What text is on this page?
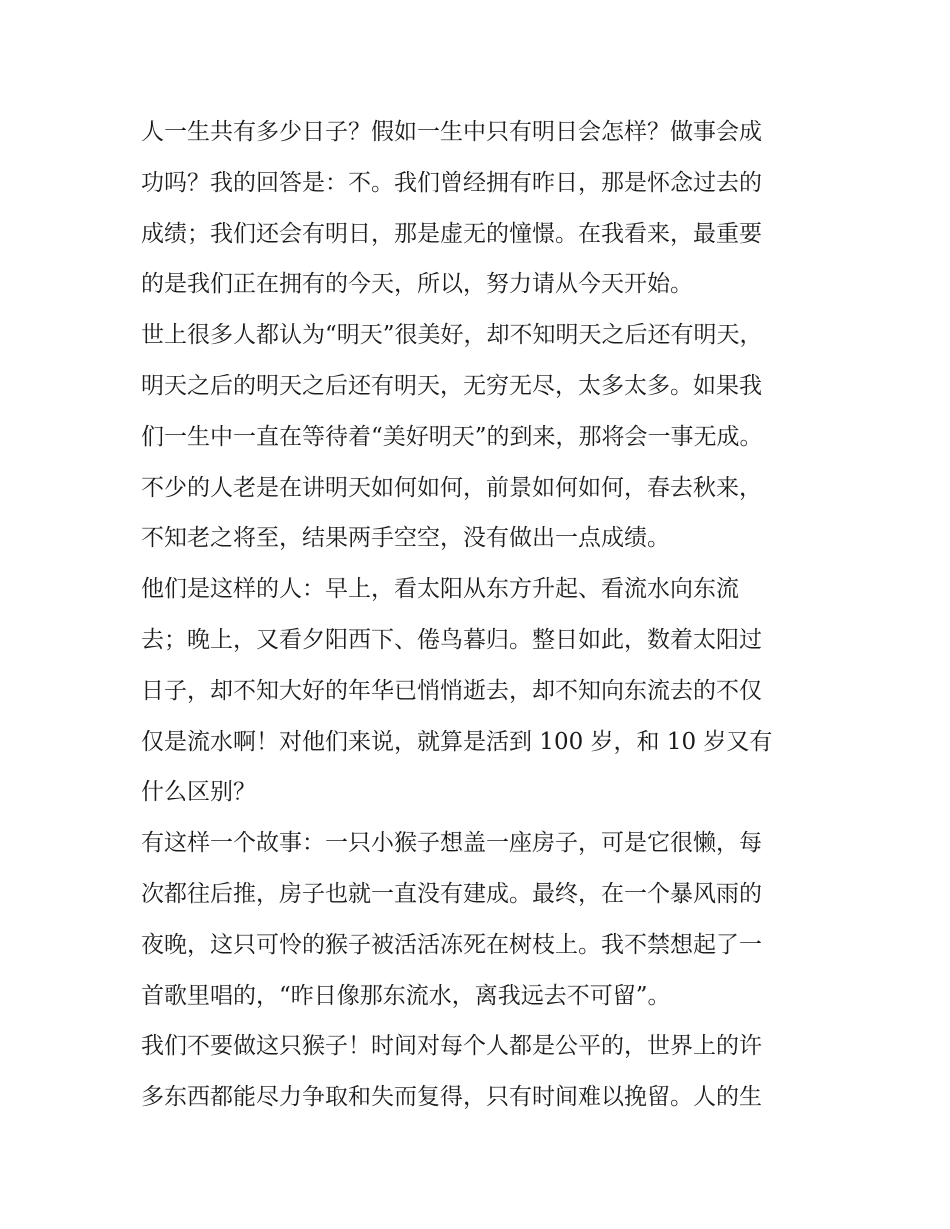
人一生共有多少日子？假如一生中只有明日会怎样？做事会成
功吗？我的回答是：不。我们曾经拥有昨日，那是怀念过去的
成绩；我们还会有明日，那是虚无的憧憬。在我看来，最重要
的是我们正在拥有的今天，所以，努力请从今天开始。
世上很多人都认为“明天”很美好，却不知明天之后还有明天，
明天之后的明天之后还有明天，无穷无尽，太多太多。如果我
们一生中一直在等待着“美好明天”的到来，那将会一事无成。
不少的人老是在讲明天如何如何，前景如何如何，春去秋来，
不知老之将至，结果两手空空，没有做出一点成绩。
他们是这样的人：早上，看太阳从东方升起、看流水向东流
去；晚上，又看夕阳西下、倦鸟暮归。整日如此，数着太阳过
日子，却不知大好的年华已悄悄逝去，却不知向东流去的不仅
仅是流水啊！对他们来说，就算是活到 100 岁，和 10 岁又有
什么区别？
有这样一个故事：一只小猴子想盖一座房子，可是它很懒，每
次都往后推，房子也就一直没有建成。最终，在一个暴风雨的
夜晚，这只可怜的猴子被活活冻死在树枝上。我不禁想起了一
首歌里唱的，“昨日像那东流水，离我远去不可留”。
我们不要做这只猴子！时间对每个人都是公平的，世界上的许
多东西都能尽力争取和失而复得，只有时间难以挽留。人的生
